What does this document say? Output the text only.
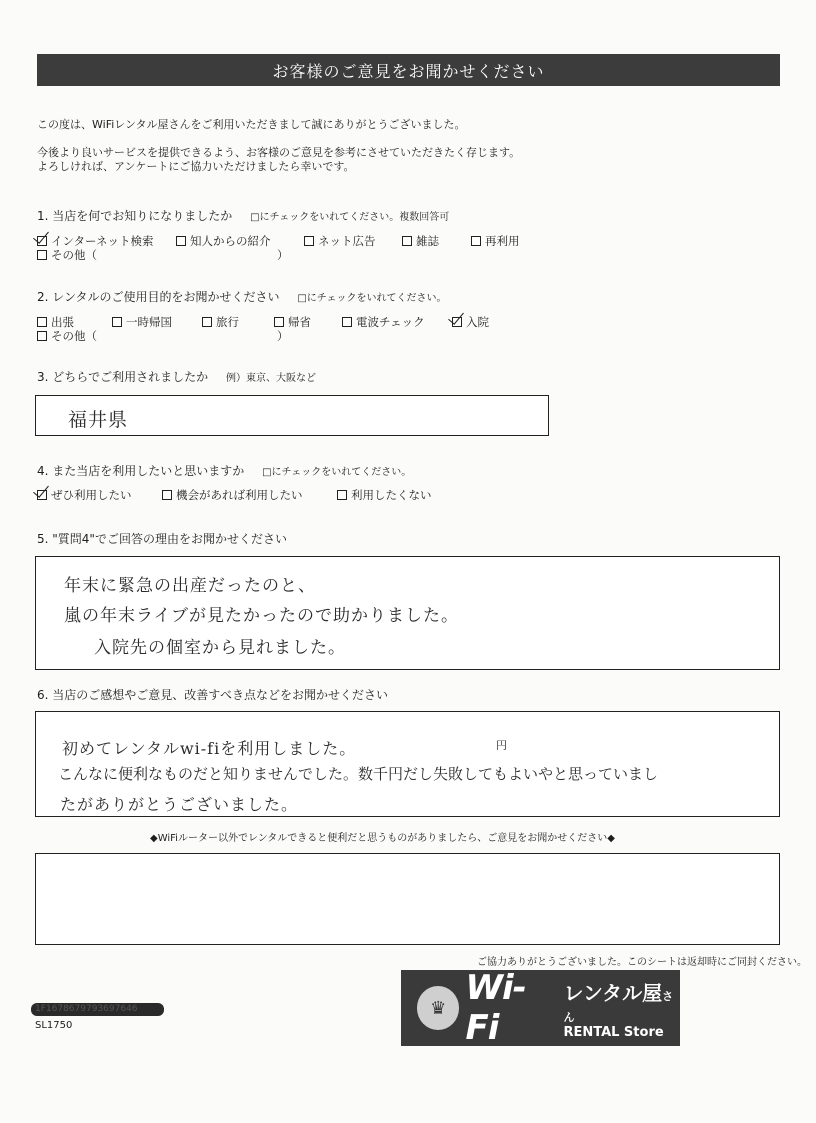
お客様のご意見をお聞かせください
この度は、WiFiレンタル屋さんをご利用いただきまして誠にありがとうございました。
今後より良いサービスを提供できるよう、お客様のご意見を参考にさせていただきたく存じます。
よろしければ、アンケートにご協力いただけましたら幸いです。
1. 当店を何でお知りになりましたか □にチェックをいれてください。複数回答可
インターネット検索	知人からの紹介	ネット広告	雑誌	再利用
その他（	）
2. レンタルのご使用目的をお聞かせください □にチェックをいれてください。
出張	一時帰国	旅行	帰省	電波チェック	入院
その他（	）
3. どちらでご利用されましたか 例）東京、大阪など
福井県
4. また当店を利用したいと思いますか □にチェックをいれてください。
ぜひ利用したい	機会があれば利用したい	利用したくない
5. "質問4"でご回答の理由をお聞かせください
年末に緊急の出産だったのと、
嵐の年末ライブが見たかったので助かりました。
入院先の個室から見れました。
6. 当店のご感想やご意見、改善すべき点などをお聞かせください
初めてレンタルwi-fiを利用しました。	円
こんなに便利なものだと知りませんでした。数千円だし失敗してもよいやと思っていまし
たがありがとうございました。
◆WiFiルーター以外でレンタルできると便利だと思うものがありましたら、ご意見をお聞かせください◆
ご協力ありがとうございました。このシートは返却時にご同封ください。
1F1678679793697646
SL1750
♛ Wi-Fi
レンタル屋さん
RENTAL Store
